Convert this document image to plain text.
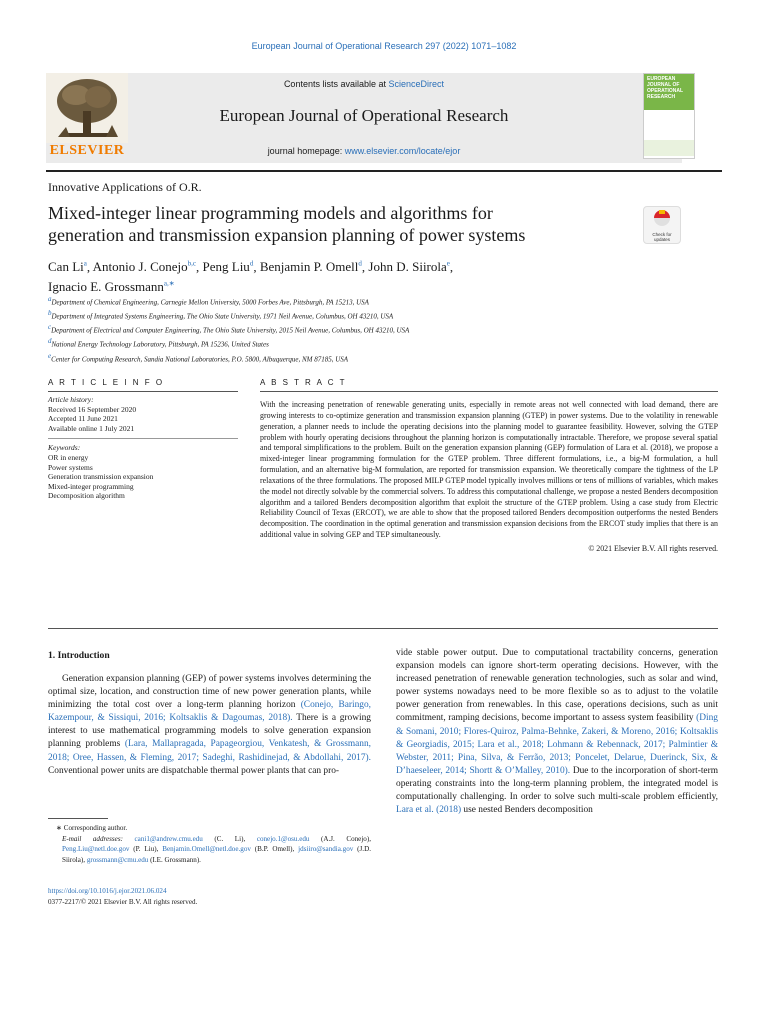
European Journal of Operational Research 297 (2022) 1071–1082
ELSEVIER
Contents lists available at ScienceDirect
European Journal of Operational Research
journal homepage: www.elsevier.com/locate/ejor
EUROPEAN JOURNAL OF OPERATIONAL RESEARCH
Innovative Applications of O.R.
Mixed-integer linear programming models and algorithms for
generation and transmission expansion planning of power systems	Check for
updates
Can Li$^a$, Antonio J. Conejo$^{b,c}$, Peng Liu$^d$, Benjamin P. Omell$^d$, John D. Siirola$^e$,
Ignacio E. Grossmann$^{a,∗}$
$^a$Department of Chemical Engineering, Carnegie Mellon University, 5000 Forbes Ave, Pittsburgh, PA 15213, USA
$^b$Department of Integrated Systems Engineering, The Ohio State University, 1971 Neil Avenue, Columbus, OH 43210, USA
$^c$Department of Electrical and Computer Engineering, The Ohio State University, 2015 Neil Avenue, Columbus, OH 43210, USA
$^d$National Energy Technology Laboratory, Pittsburgh, PA 15236, United States
$^e$Center for Computing Research, Sandia National Laboratories, P.O. 5800, Albuquerque, NM 87185, USA
A R T I C L E I N F O	A B S T R A C T
Article history:
Received 16 September 2020
Accepted 11 June 2021
Available online 1 July 2021
Keywords:
OR in energy
Power systems
Generation transmission expansion
Mixed-integer programming
Decomposition algorithm
With the increasing penetration of renewable generating units, especially in remote areas not well connected with load demand, there are growing interests to co-optimize generation and transmission expansion planning (GTEP) in power systems. Due to the volatility in renewable generation, a planner needs to include the operating decisions into the planning model to guarantee feasibility. However, solving the GTEP problem with hourly operating decisions throughout the planning horizon is computationally intractable. Therefore, we propose several spatial and temporal simplifications to the problem. Built on the generation expansion planning (GEP) formulation of Lara et al. (2018), we propose a mixed-integer linear programming formulation for the GTEP problem. Three different formulations, i.e., a big-M formulation, a hull formulation, and an alternative big-M formulation, are reported for transmission expansion. We theoretically compare the tightness of the LP relaxations of the three formulations. The proposed MILP GTEP model typically involves millions or tens of millions of variables, which makes the model not directly solvable by the commercial solvers. To address this computational challenge, we propose a nested Benders decomposition algorithm and a tailored Benders decomposition algorithm that exploit the structure of the GTEP problem. Using a case study from Electric Reliability Council of Texas (ERCOT), we are able to show that the proposed tailored Benders decomposition outperforms the nested Benders decomposition. The coordination in the optimal generation and transmission expansion decisions from the ERCOT study implies that there is an additional value in solving GEP and TEP simultaneously.
© 2021 Elsevier B.V. All rights reserved.
1. Introduction
Generation expansion planning (GEP) of power systems involves determining the optimal size, location, and construction time of new power generation plants, while minimizing the total cost over a long-term planning horizon (Conejo, Baringo, Kazempour, & Sissiqui, 2016; Koltsaklis & Dagoumas, 2018). There is a growing interest to use mathematical programming models to solve generation expansion planning problems (Lara, Mallapragada, Papageorgiou, Venkatesh, & Grossmann, 2018; Oree, Hassen, & Fleming, 2017; Sadeghi, Rashidinejad, & Abdollahi, 2017). Conventional power units are dispatchable thermal power plants that can pro-
vide stable power output. Due to computational tractability concerns, generation expansion models can ignore short-term operating decisions. However, with the increased penetration of renewable generation technologies, such as solar and wind, power systems nowadays need to be more flexible so as to adjust to the volatile power generation from renewables. In this case, operations decisions, such as unit commitment, ramping decisions, become important to assess system feasibility (Ding & Somani, 2010; Flores-Quiroz, Palma-Behnke, Zakeri, & Moreno, 2016; Koltsaklis & Georgiadis, 2015; Lara et al., 2018; Lohmann & Rebennack, 2017; Palmintier & Webster, 2011; Pina, Silva, & Ferrão, 2013; Poncelet, Delarue, Duerinck, Six, & D’haeseleer, 2014; Shortt & O’Malley, 2010). Due to the incorporation of short-term operating constraints into the long-term planning problem, the integrated model is computationally challenging. In order to solve such multi-scale problem efficiently, Lara et al. (2018) use nested Benders decomposition
∗ Corresponding author.
E-mail addresses: cani1@andrew.cmu.edu (C. Li), conejo.1@osu.edu (A.J. Conejo), Peng.Liu@netl.doe.gov (P. Liu), Benjamin.Omell@netl.doe.gov (B.P. Omell), jdsiiro@sandia.gov (J.D. Siirola), grossmann@cmu.edu (I.E. Grossmann).
https://doi.org/10.1016/j.ejor.2021.06.024
0377-2217/© 2021 Elsevier B.V. All rights reserved.
